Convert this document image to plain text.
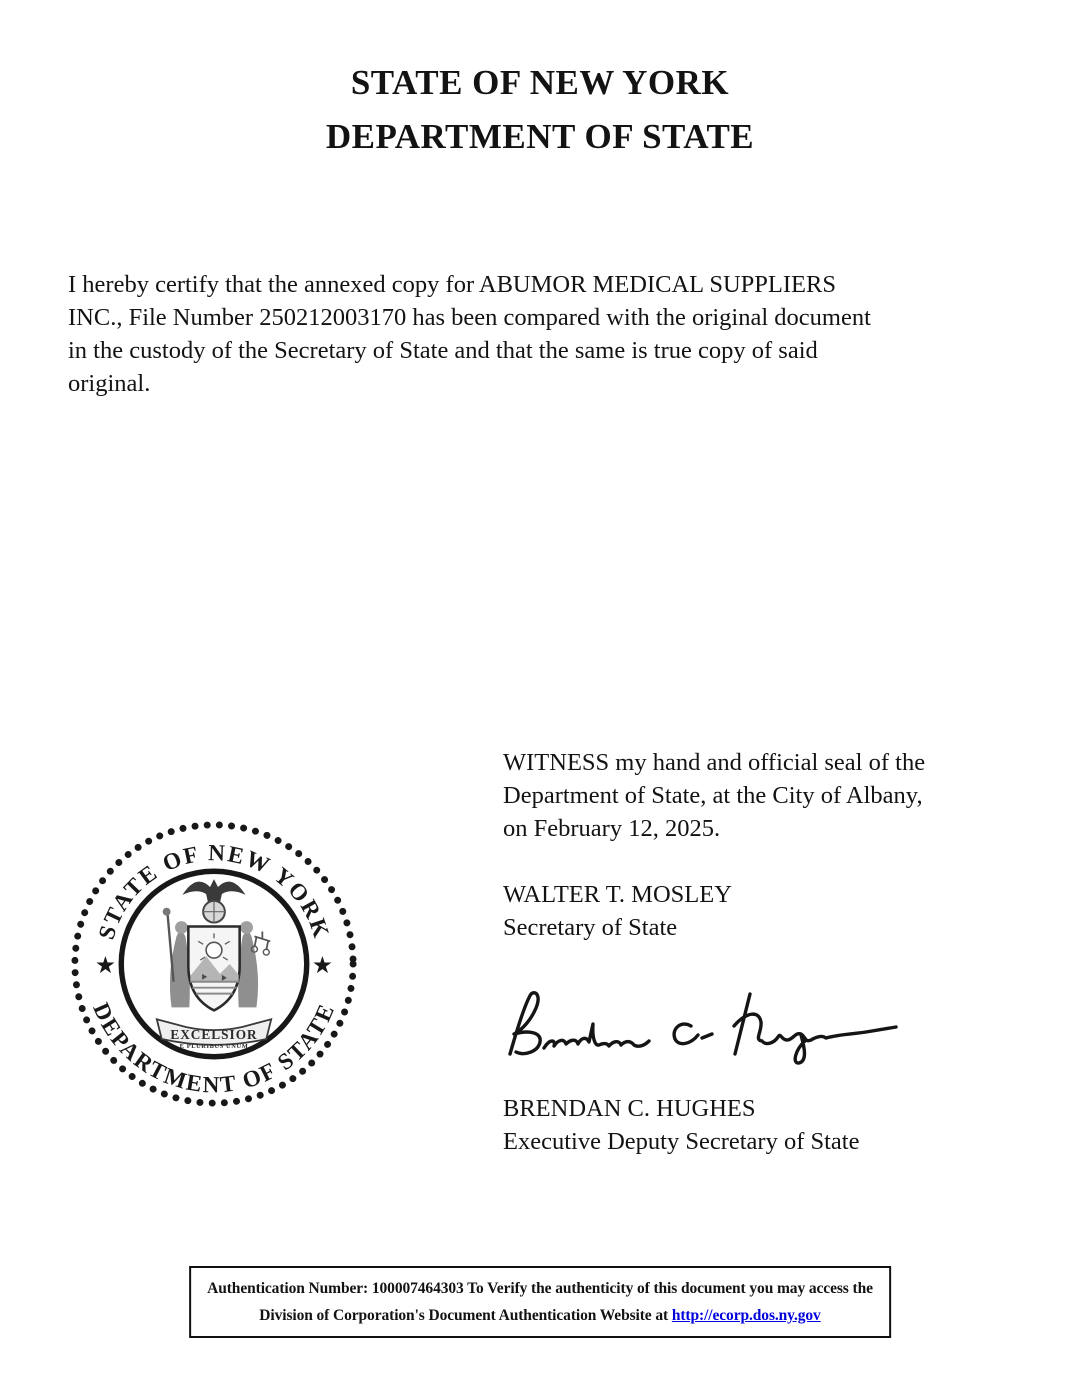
STATE OF NEW YORK
DEPARTMENT OF STATE
I hereby certify that the annexed copy for ABUMOR MEDICAL SUPPLIERS
INC., File Number 250212003170 has been compared with the original document
in the custody of the Secretary of State and that the same is true copy of said
original.
WITNESS my hand and official seal of the
Department of State, at the City of Albany,
on February 12, 2025.
WALTER T. MOSLEY
Secretary of State
BRENDAN C. HUGHES
Executive Deputy Secretary of State
STATE OF NEW YORK
DEPARTMENT OF STATE
★	★
EXCELSIOR
E PLURIBUS UNUM
Authentication Number: 100007464303 To Verify the authenticity of this document you may access the
Division of Corporation's Document Authentication Website at http://ecorp.dos.ny.gov
